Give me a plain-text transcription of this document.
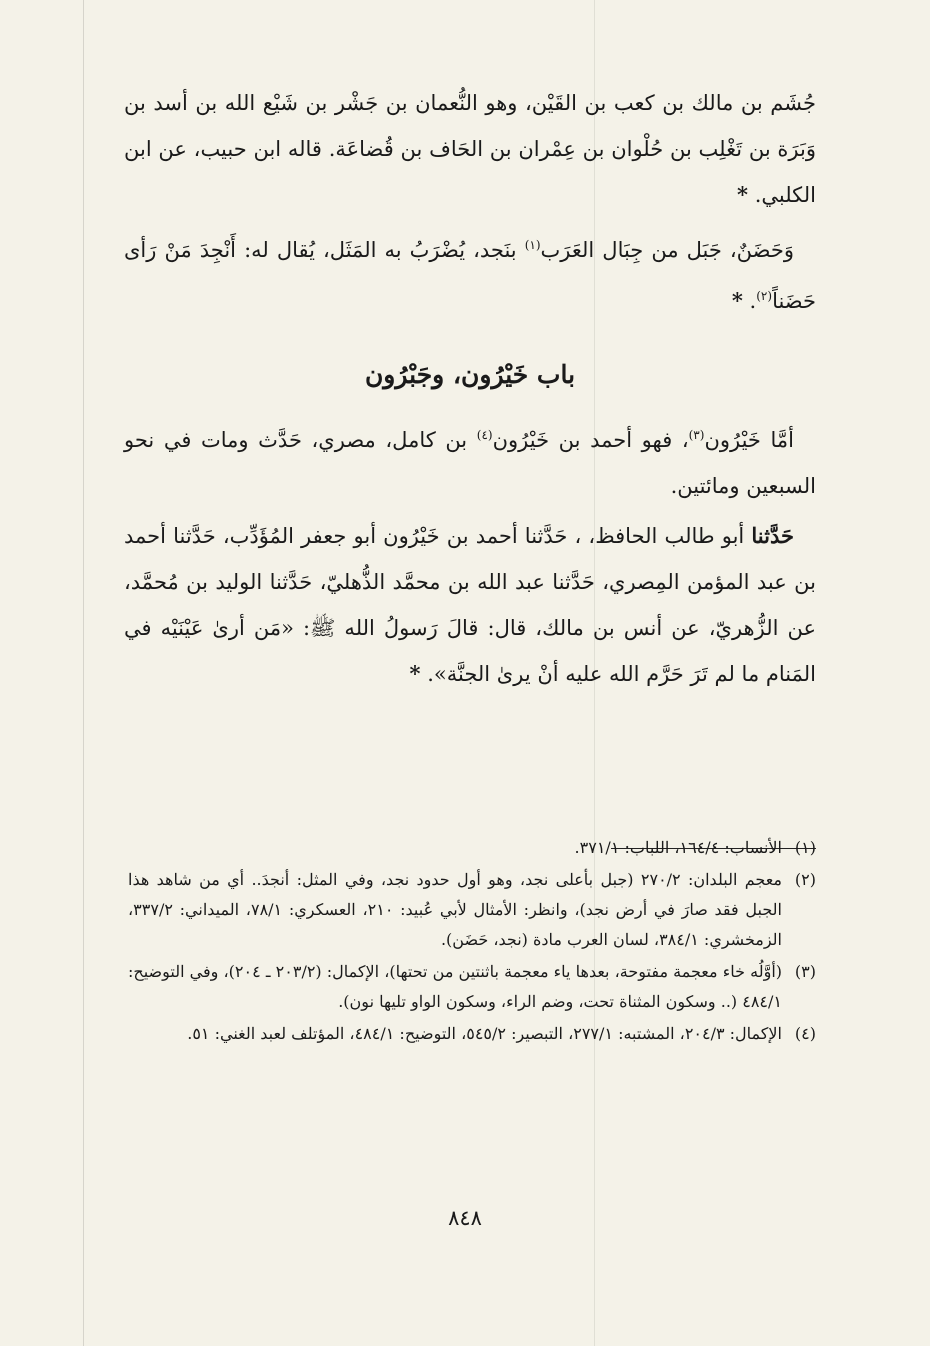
جُشَم بن مالك بن كعب بن القَيْن، وهو النُّعمان بن جَشْر بن شَيْع الله بن أسد بن وَبَرَة بن تَغْلِب بن حُلْوان بن عِمْران بن الحَاف بن قُضاعَة. قاله ابن حبيب، عن ابن الكلبي. *

وَحَضَنٌ، جَبَل من جِبَال العَرَب$^{(١)}$ بنَجد، يُضْرَبُ به المَثَل، يُقال له: أَنْجِدَ مَنْ رَأى حَضَناً$^{(٢)}$. *

باب خَيْرُون، وجَبْرُون

أمَّا خَيْرُون$^{(٣)}$، فهو أحمد بن خَيْرُون$^{(٤)}$ بن كامل، مصري، حَدَّث ومات في نحو السبعين ومائتين.

حَدَّثنا أبو طالب الحافظ، ، حَدَّثنا أحمد بن خَيْرُون أبو جعفر المُؤَدِّب، حَدَّثنا أحمد بن عبد المؤمن المِصري، حَدَّثنا عبد الله بن محمَّد الذُّهليّ، حَدَّثنا الوليد بن مُحمَّد، عن الزُّهريّ، عن أنس بن مالك، قال: قالَ رَسولُ الله ﷺ: «مَن أرىٰ عَيْنَيْه في المَنام ما لم تَرَ حَرَّم الله عليه أنْ يرىٰ الجنَّة». *

(١)
الأنساب: ١٦٤/٤، اللباب: ٣٧١/١.

(٢)
معجم البلدان: ٢٧٠/٢ (جبل بأعلى نجد، وهو أول حدود نجد، وفي المثل: أنجدَ.. أي من شاهد هذا الجبل فقد صارَ في أرض نجد)، وانظر: الأمثال لأبي عُبيد: ٢١٠، العسكري: ٧٨/١، الميداني: ٣٣٧/٢، الزمخشري: ٣٨٤/١، لسان العرب مادة (نجد، حَضَن).

(٣)
(أوَّلُه خاء معجمة مفتوحة، بعدها ياء معجمة باثنتين من تحتها)، الإكمال: (٢٠٣/٢ ـ ٢٠٤)، وفي التوضيح: ٤٨٤/١ (.. وسكون المثناة تحت، وضم الراء، وسكون الواو تليها نون).

(٤)
الإكمال: ٢٠٤/٣، المشتبه: ٢٧٧/١، التبصير: ٥٤٥/٢، التوضيح: ٤٨٤/١، المؤتلف لعبد الغني: ٥١.

٨٤٨
